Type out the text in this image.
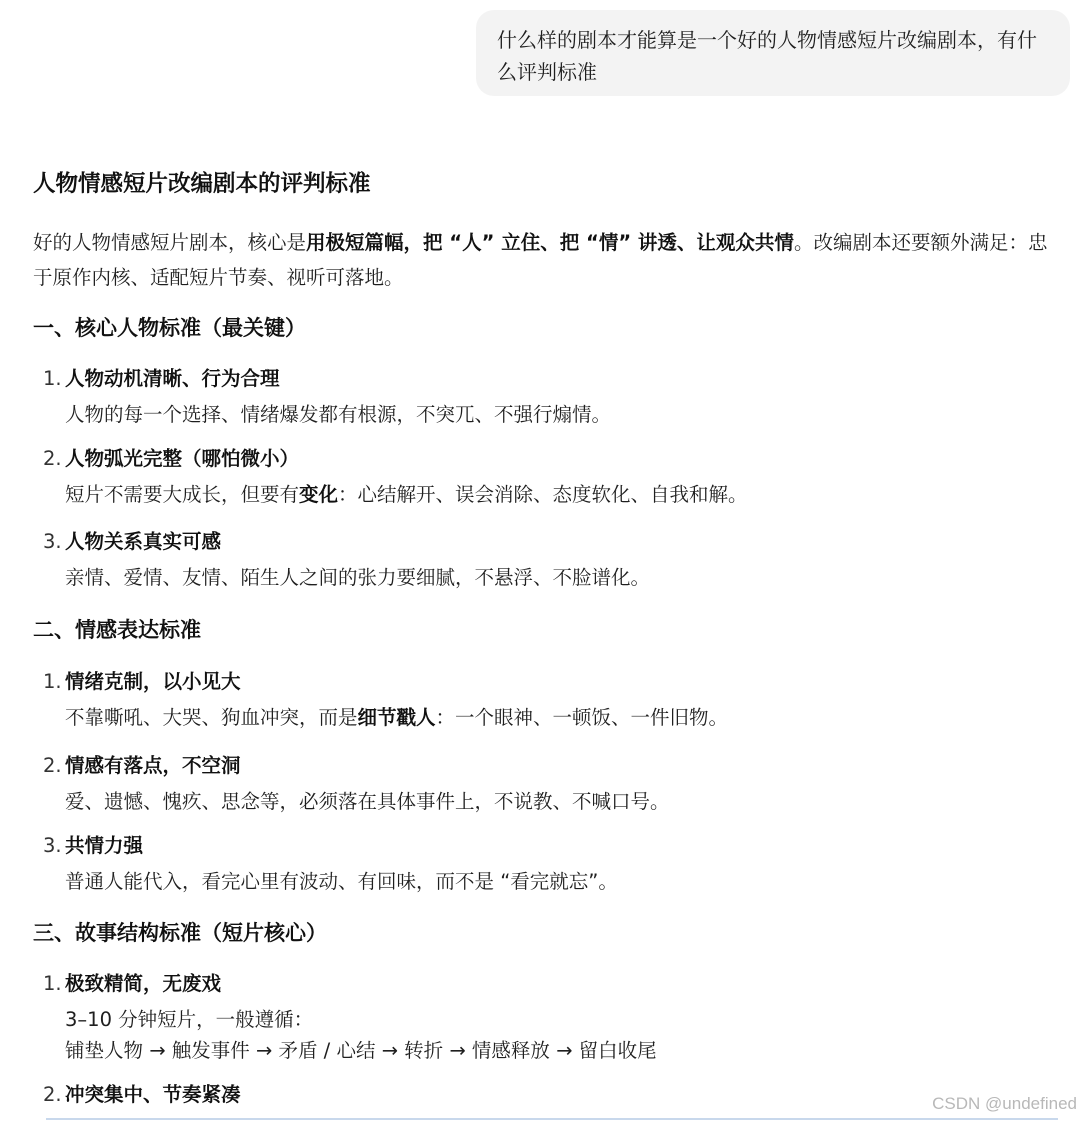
什么样的剧本才能算是一个好的人物情感短片改编剧本，有什么评判标准
人物情感短片改编剧本的评判标准
好的人物情感短片剧本，核心是用极短篇幅，把 “人” 立住、把 “情” 讲透、让观众共情。改编剧本还要额外满足：忠于原作内核、适配短片节奏、视听可落地。
一、核心人物标准（最关键）
1. 人物动机清晰、行为合理
人物的每一个选择、情绪爆发都有根源，不突兀、不强行煽情。
2. 人物弧光完整（哪怕微小）
短片不需要大成长，但要有变化：心结解开、误会消除、态度软化、自我和解。
3. 人物关系真实可感
亲情、爱情、友情、陌生人之间的张力要细腻，不悬浮、不脸谱化。
二、情感表达标准
1. 情绪克制，以小见大
不靠嘶吼、大哭、狗血冲突，而是细节戳人：一个眼神、一顿饭、一件旧物。
2. 情感有落点，不空洞
爱、遗憾、愧疚、思念等，必须落在具体事件上，不说教、不喊口号。
3. 共情力强
普通人能代入，看完心里有波动、有回味，而不是 “看完就忘”。
三、故事结构标准（短片核心）
1. 极致精简，无废戏
3–10 分钟短片，一般遵循：
铺垫人物 → 触发事件 → 矛盾 / 心结 → 转折 → 情感释放 → 留白收尾
2. 冲突集中、节奏紧凑	CSDN @undefined
